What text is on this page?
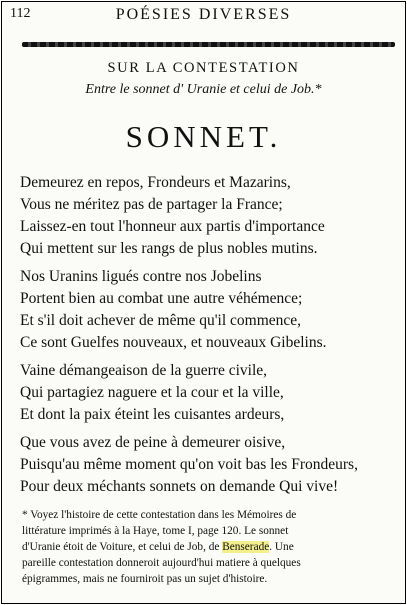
112	POÉSIES DIVERSES
SUR LA CONTESTATION
Entre le sonnet d' Uranie et celui de Job.*
SONNET.
Demeurez en repos, Frondeurs et Mazarins,
Vous ne méritez pas de partager la France;
Laissez-en tout l'honneur aux partis d'importance
Qui mettent sur les rangs de plus nobles mutins.
Nos Uranins ligués contre nos Jobelins
Portent bien au combat une autre véhémence;
Et s'il doit achever de même qu'il commence,
Ce sont Guelfes nouveaux, et nouveaux Gibelins.
Vaine démangeaison de la guerre civile,
Qui partagiez naguere et la cour et la ville,
Et dont la paix éteint les cuisantes ardeurs,
Que vous avez de peine à demeurer oisive,
Puisqu'au même moment qu'on voit bas les Frondeurs,
Pour deux méchants sonnets on demande Qui vive!
* Voyez l'histoire de cette contestation dans les Mémoires de
littérature imprimés à la Haye, tome I, page 120. Le sonnet
d'Uranie étoit de Voiture, et celui de Job, de Benserade. Une
pareille contestation donneroit aujourd'hui matiere à quelques
épigrammes, mais ne fourniroit pas un sujet d'histoire.
